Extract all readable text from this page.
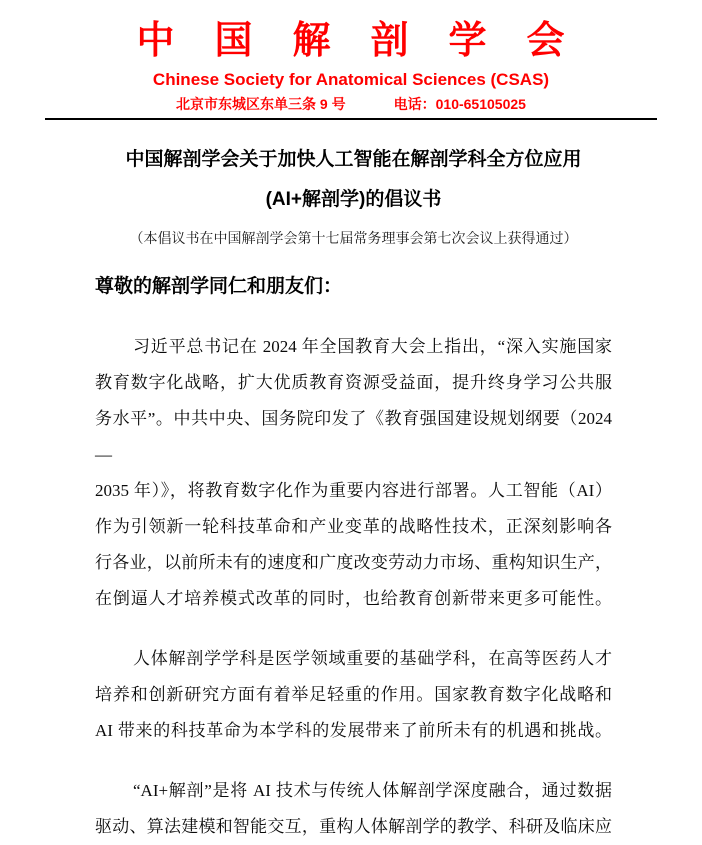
中　国　解　剖　学　会
Chinese Society for Anatomical Sciences (CSAS)
北京市东城区东单三条 9 号	电话：010-65105025
中国解剖学会关于加快人工智能在解剖学科全方位应用
(AI+解剖学)的倡议书
（本倡议书在中国解剖学会第十七届常务理事会第七次会议上获得通过）
尊敬的解剖学同仁和朋友们：
习近平总书记在 2024 年全国教育大会上指出，“深入实施国家
教育数字化战略，扩大优质教育资源受益面，提升终身学习公共服
务水平”。中共中央、国务院印发了《教育强国建设规划纲要（2024—
2035 年）》，将教育数字化作为重要内容进行部署。人工智能（AI）
作为引领新一轮科技革命和产业变革的战略性技术，正深刻影响各
行各业，以前所未有的速度和广度改变劳动力市场、重构知识生产，
在倒逼人才培养模式改革的同时，也给教育创新带来更多可能性。
人体解剖学学科是医学领域重要的基础学科，在高等医药人才
培养和创新研究方面有着举足轻重的作用。国家教育数字化战略和
AI 带来的科技革命为本学科的发展带来了前所未有的机遇和挑战。
“AI+解剖”是将 AI 技术与传统人体解剖学深度融合，通过数据
驱动、算法建模和智能交互，重构人体解剖学的教学、科研及临床应
